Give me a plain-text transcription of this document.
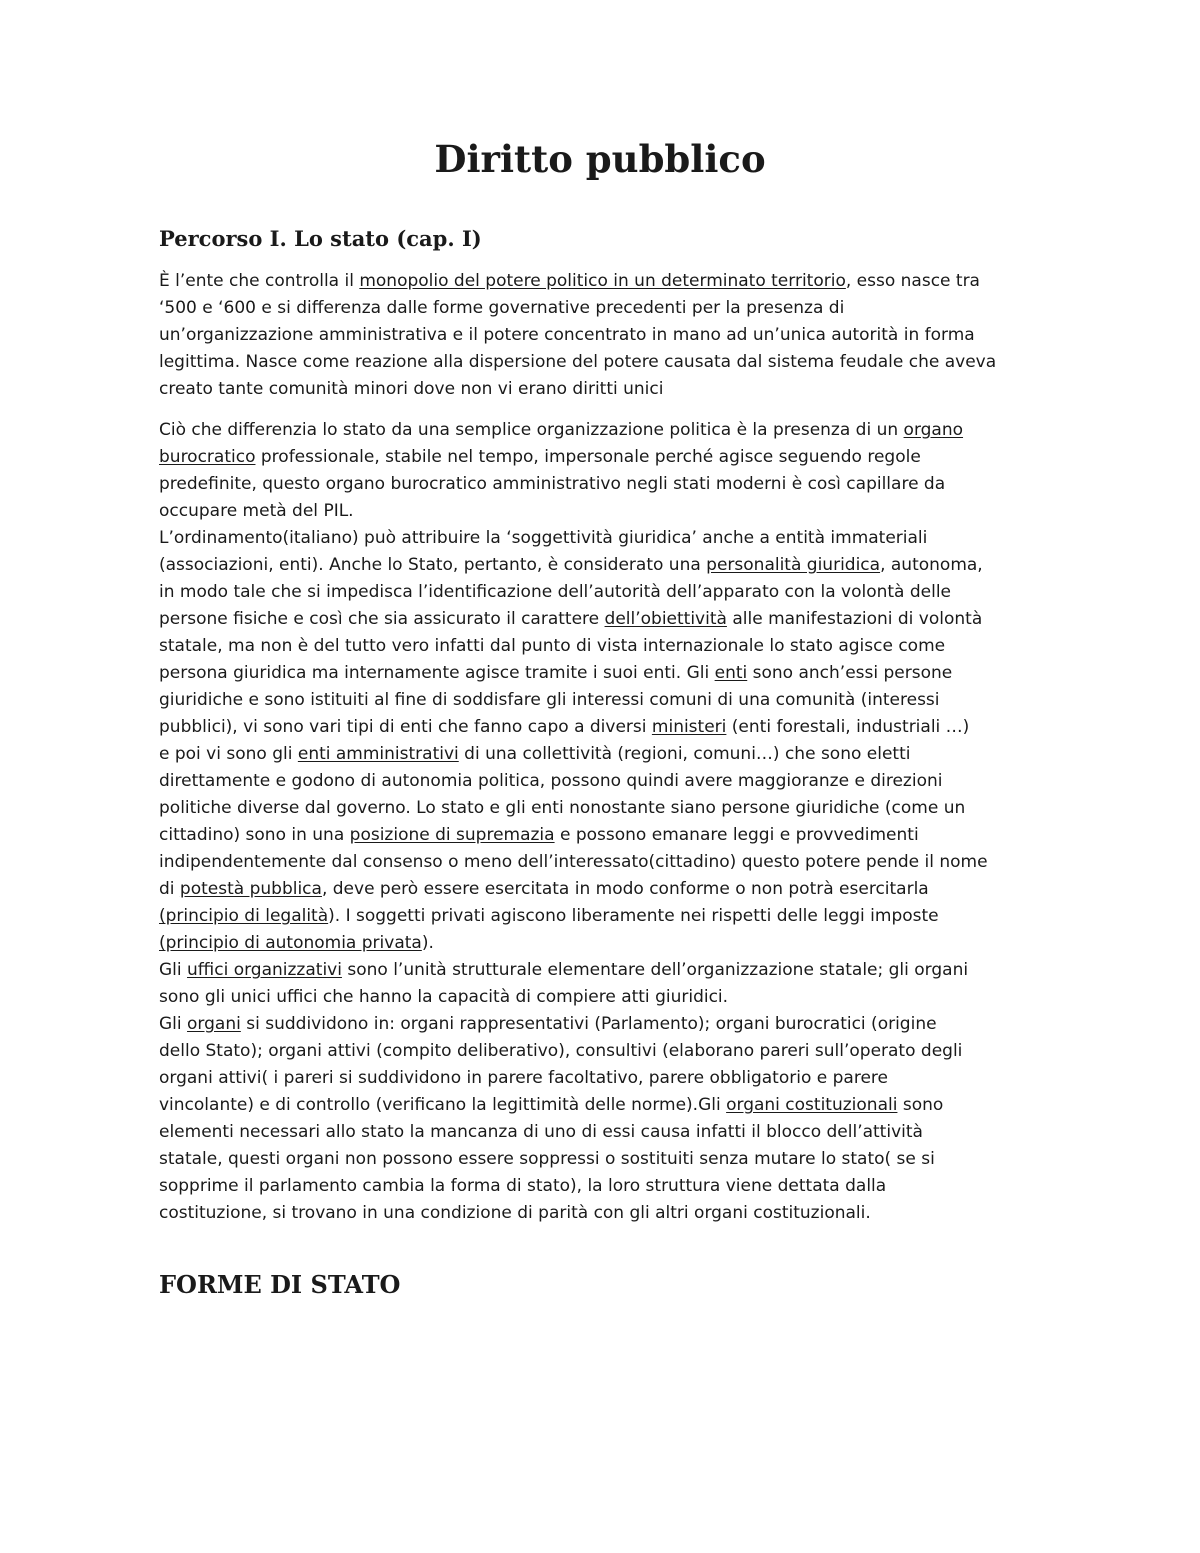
Diritto pubblico
Percorso I. Lo stato (cap. I)
È l’ente che controlla il monopolio del potere politico in un determinato territorio, esso nasce tra
‘500 e ‘600 e si differenza dalle forme governative precedenti per la presenza di
un’organizzazione amministrativa e il potere concentrato in mano ad un’unica autorità in forma
legittima. Nasce come reazione alla dispersione del potere causata dal sistema feudale che aveva
creato tante comunità minori dove non vi erano diritti unici
Ciò che differenzia lo stato da una semplice organizzazione politica è la presenza di un organo
burocratico professionale, stabile nel tempo, impersonale perché agisce seguendo regole
predefinite, questo organo burocratico amministrativo negli stati moderni è così capillare da
occupare metà del PIL.
L’ordinamento(italiano) può attribuire la ‘soggettività giuridica’ anche a entità immateriali
(associazioni, enti). Anche lo Stato, pertanto, è considerato una personalità giuridica, autonoma,
in modo tale che si impedisca l’identificazione dell’autorità dell’apparato con la volontà delle
persone fisiche e così che sia assicurato il carattere dell’obiettività alle manifestazioni di volontà
statale, ma non è del tutto vero infatti dal punto di vista internazionale lo stato agisce come
persona giuridica ma internamente agisce tramite i suoi enti. Gli enti sono anch’essi persone
giuridiche e sono istituiti al fine di soddisfare gli interessi comuni di una comunità (interessi
pubblici), vi sono vari tipi di enti che fanno capo a diversi ministeri (enti forestali, industriali …)
e poi vi sono gli enti amministrativi di una collettività (regioni, comuni…) che sono eletti
direttamente e godono di autonomia politica, possono quindi avere maggioranze e direzioni
politiche diverse dal governo. Lo stato e gli enti nonostante siano persone giuridiche (come un
cittadino) sono in una posizione di supremazia e possono emanare leggi e provvedimenti
indipendentemente dal consenso o meno dell’interessato(cittadino) questo potere pende il nome
di potestà pubblica, deve però essere esercitata in modo conforme o non potrà esercitarla
(principio di legalità). I soggetti privati agiscono liberamente nei rispetti delle leggi imposte
(principio di autonomia privata).
Gli uffici organizzativi sono l’unità strutturale elementare dell’organizzazione statale; gli organi
sono gli unici uffici che hanno la capacità di compiere atti giuridici.
Gli organi si suddividono in: organi rappresentativi (Parlamento); organi burocratici (origine
dello Stato); organi attivi (compito deliberativo), consultivi (elaborano pareri sull’operato degli
organi attivi( i pareri si suddividono in parere facoltativo, parere obbligatorio e parere
vincolante) e di controllo (verificano la legittimità delle norme).Gli organi costituzionali sono
elementi necessari allo stato la mancanza di uno di essi causa infatti il blocco dell’attività
statale, questi organi non possono essere soppressi o sostituiti senza mutare lo stato( se si
sopprime il parlamento cambia la forma di stato), la loro struttura viene dettata dalla
costituzione, si trovano in una condizione di parità con gli altri organi costituzionali.
FORME DI STATO
